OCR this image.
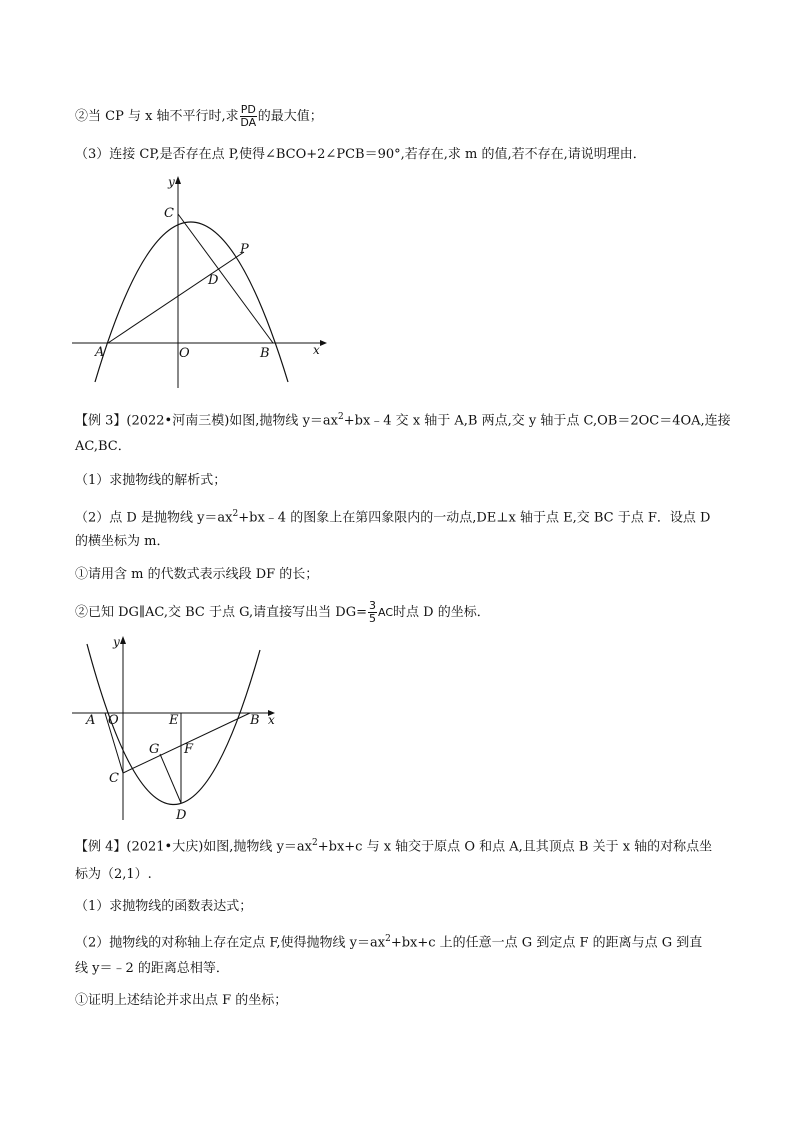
②当 CP 与 x 轴不平行时,求 $\frac{PD}{DA}$ 的最大值；
（3）连接 CP,是否存在点 P,使得∠BCO+2∠PCB＝90°,若存在,求 m 的值,若不存在,请说明理由．
y
C
P
D
A	O	B	x
【例 3】(2022•河南三模)如图,抛物线 $y=ax^2+bx﹣4$ 交 x 轴于 A,B 两点,交 y 轴于点 C,OB＝2OC＝4OA,连接
AC,BC．
（1）求抛物线的解析式；
（2）点 D 是抛物线 $y=ax^2+bx﹣4$ 的图象上在第四象限内的一动点,DE⊥x 轴于点 E,交 BC 于点 F．设点 D
的横坐标为 m．
①请用含 m 的代数式表示线段 DF 的长；
②已知 DG∥AC,交 BC 于点 G,请直接写出当 $DG= \frac{3}{5}$ AC时点 D 的坐标．
y
A O	E	B x
G F
C
D
【例 4】(2021•大庆)如图,抛物线 $y=ax^2+bx+c$ 与 x 轴交于原点 O 和点 A,且其顶点 B 关于 x 轴的对称点坐
标为（2,1）.
（1）求抛物线的函数表达式；
（2）抛物线的对称轴上存在定点 F,使得抛物线 $y=ax^2+bx+c$ 上的任意一点 G 到定点 F 的距离与点 G 到直
线 y＝﹣2 的距离总相等．
①证明上述结论并求出点 F 的坐标；
